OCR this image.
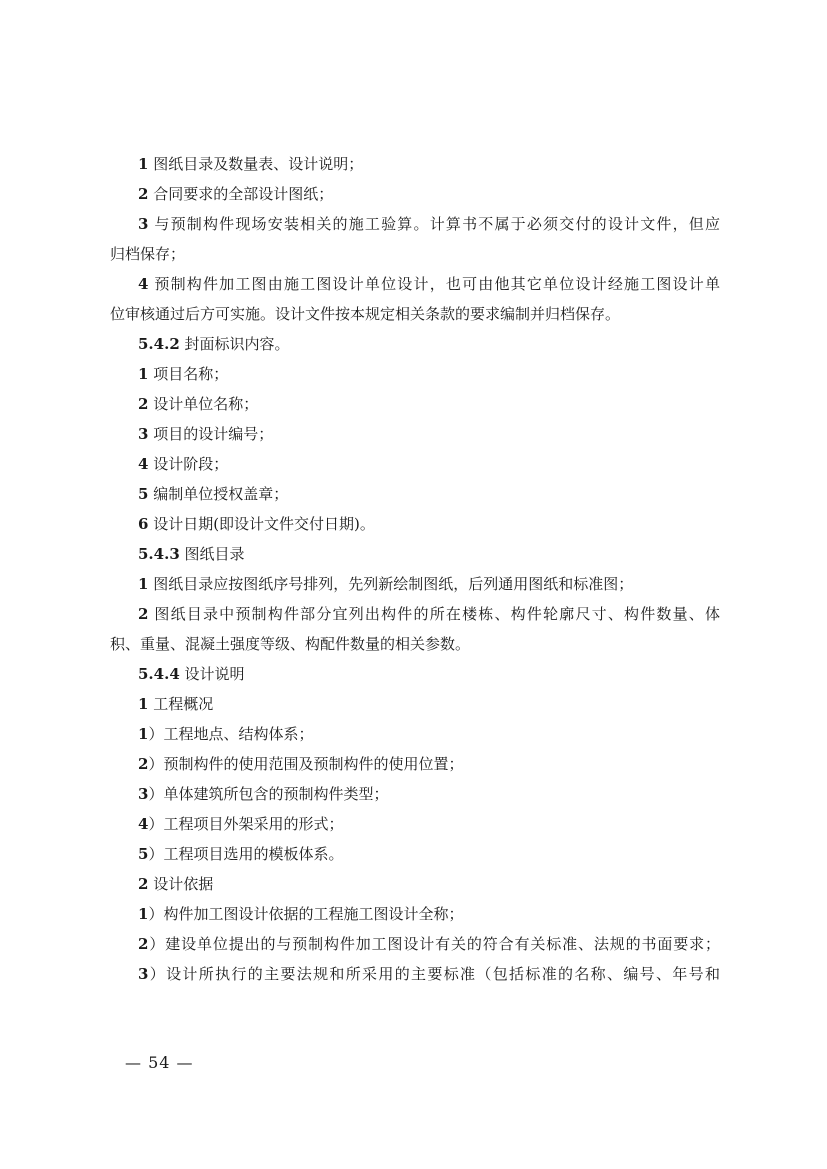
1 图纸目录及数量表、设计说明；
2 合同要求的全部设计图纸；
3 与预制构件现场安装相关的施工验算。计算书不属于必须交付的设计文件，但应
归档保存；
4 预制构件加工图由施工图设计单位设计，也可由他其它单位设计经施工图设计单
位审核通过后方可实施。设计文件按本规定相关条款的要求编制并归档保存。
5.4.2 封面标识内容。
1 项目名称；
2 设计单位名称；
3 项目的设计编号；
4 设计阶段；
5 编制单位授权盖章；
6 设计日期(即设计文件交付日期)。
5.4.3 图纸目录
1 图纸目录应按图纸序号排列，先列新绘制图纸，后列通用图纸和标准图；
2 图纸目录中预制构件部分宜列出构件的所在楼栋、构件轮廓尺寸、构件数量、体
积、重量、混凝土强度等级、构配件数量的相关参数。
5.4.4 设计说明
1 工程概况
1）工程地点、结构体系；
2）预制构件的使用范围及预制构件的使用位置；
3）单体建筑所包含的预制构件类型；
4）工程项目外架采用的形式；
5）工程项目选用的模板体系。
2 设计依据
1）构件加工图设计依据的工程施工图设计全称；
2）建设单位提出的与预制构件加工图设计有关的符合有关标准、法规的书面要求；
3）设计所执行的主要法规和所采用的主要标准（包括标准的名称、编号、年号和
— 54 —
